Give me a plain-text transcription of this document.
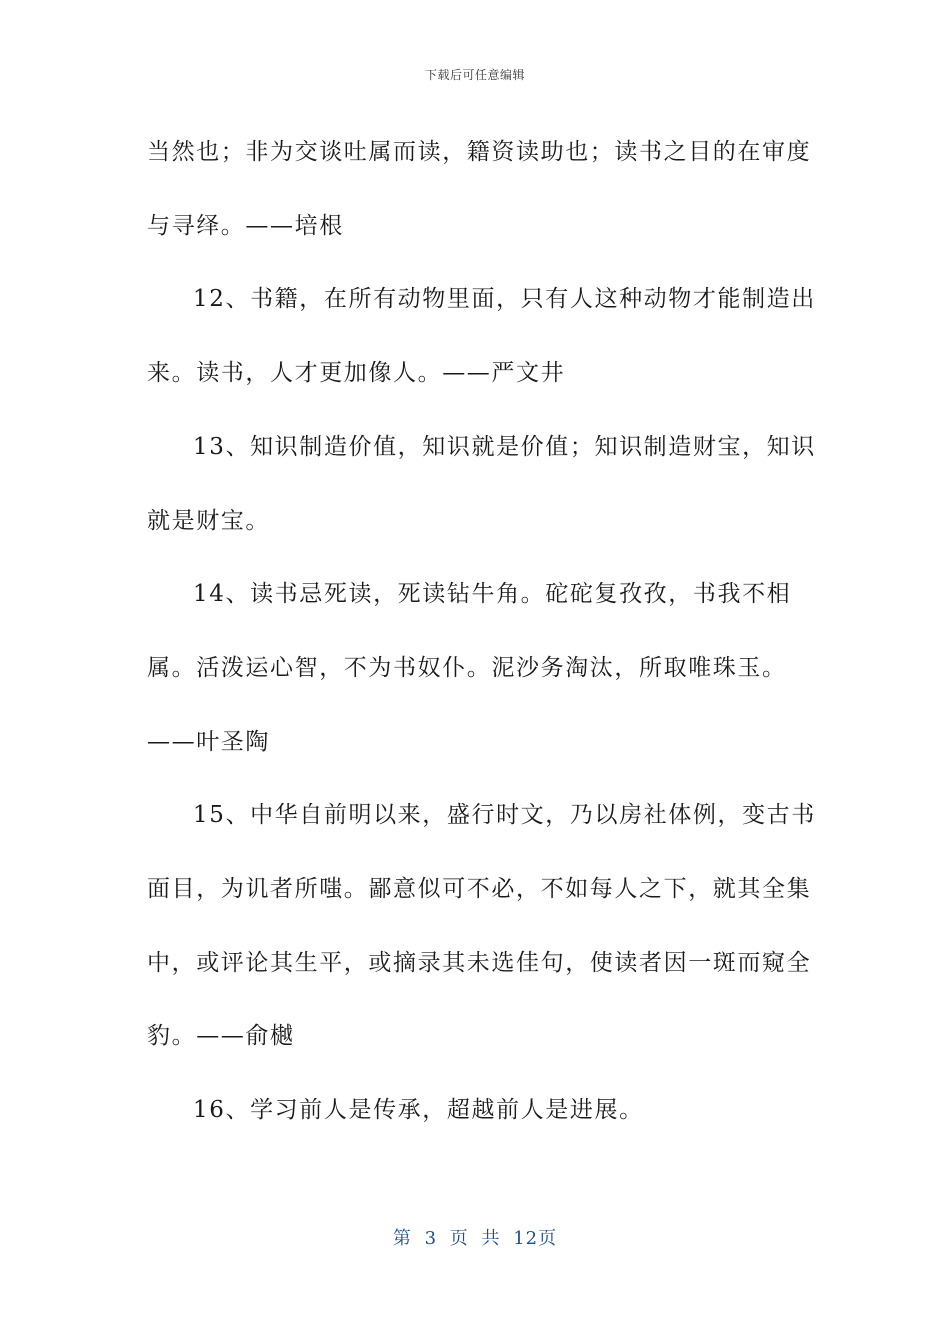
下载后可任意编辑

当然也；非为交谈吐属而读，籍资读助也；读书之目的在审度与寻绎。——培根

12、书籍，在所有动物里面，只有人这种动物才能制造出来。读书，人才更加像人。——严文井

13、知识制造价值，知识就是价值；知识制造财宝，知识就是财宝。

14、读书忌死读，死读钻牛角。砣砣复孜孜，书我不相属。活泼运心智，不为书奴仆。泥沙务淘汰，所取唯珠玉。——叶圣陶

15、中华自前明以来，盛行时文，乃以房社体例，变古书面目，为讥者所嗤。鄙意似可不必，不如每人之下，就其全集中，或评论其生平，或摘录其未选佳句，使读者因一斑而窥全豹。——俞樾

16、学习前人是传承，超越前人是进展。

第 3 页 共 12页
